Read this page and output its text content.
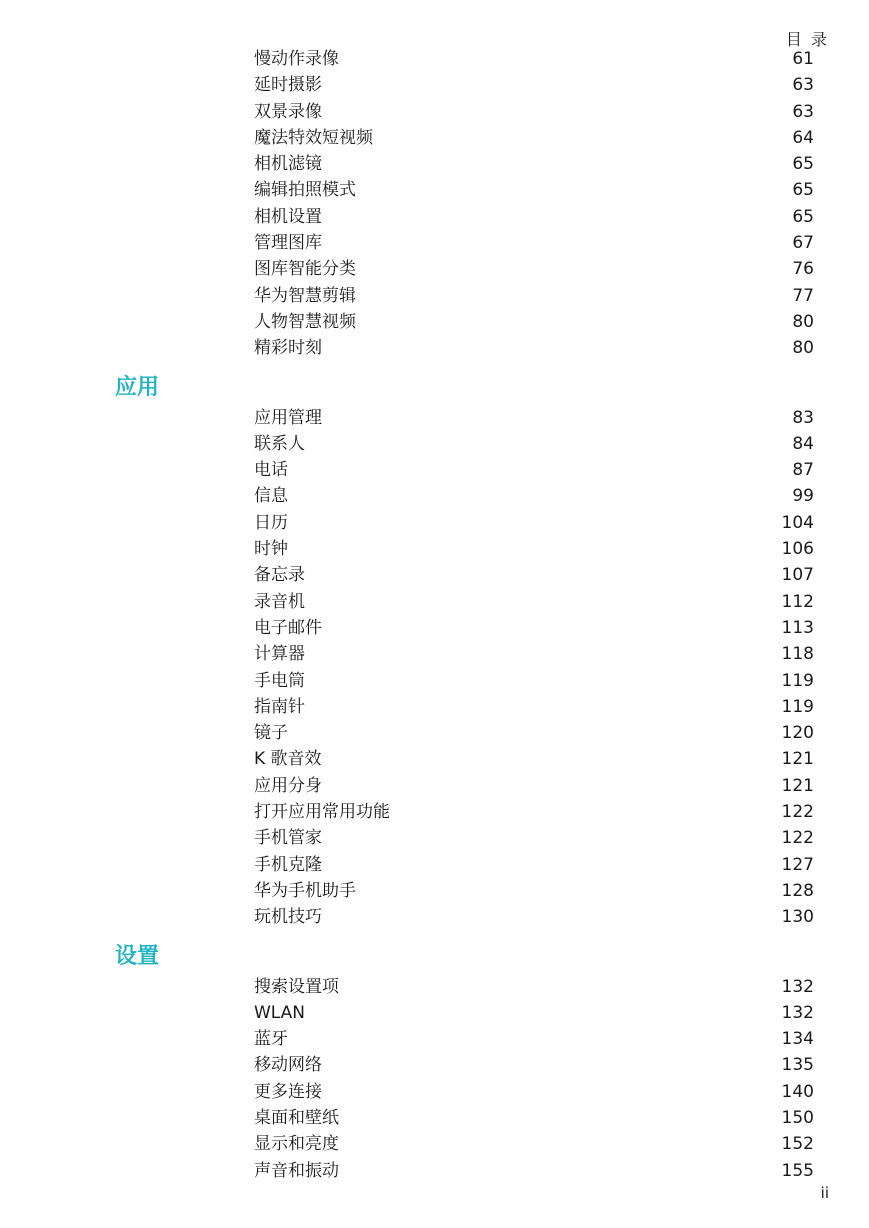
目 录
慢动作录像	61
延时摄影	63
双景录像	63
魔法特效短视频	64
相机滤镜	65
编辑拍照模式	65
相机设置	65
管理图库	67
图库智能分类	76
华为智慧剪辑	77
人物智慧视频	80
精彩时刻	80
应用
应用管理	83
联系人	84
电话	87
信息	99
日历	104
时钟	106
备忘录	107
录音机	112
电子邮件	113
计算器	118
手电筒	119
指南针	119
镜子	120
K 歌音效	121
应用分身	121
打开应用常用功能	122
手机管家	122
手机克隆	127
华为手机助手	128
玩机技巧	130
设置
搜索设置项	132
WLAN	132
蓝牙	134
移动网络	135
更多连接	140
桌面和壁纸	150
显示和亮度	152
声音和振动	155
ii
